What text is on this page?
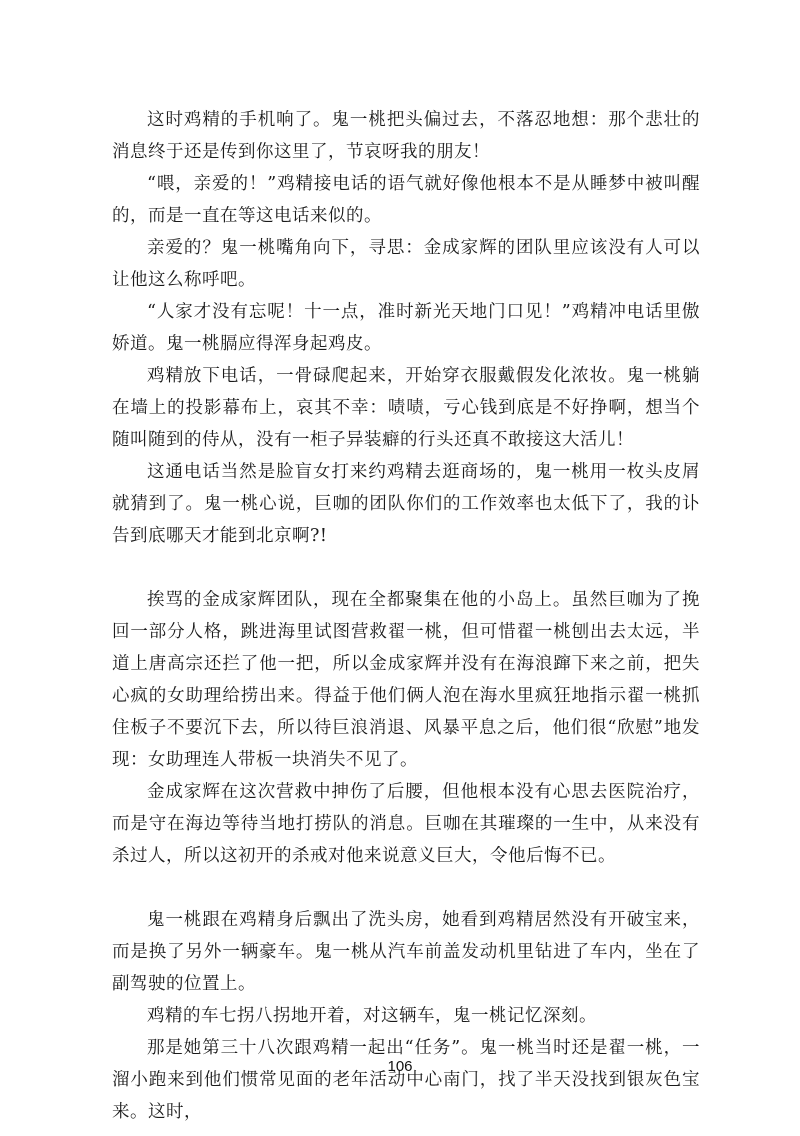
这时鸡精的手机响了。鬼一桃把头偏过去，不落忍地想：那个悲壮的消息终于还是传到你这里了，节哀呀我的朋友！

“喂，亲爱的！”鸡精接电话的语气就好像他根本不是从睡梦中被叫醒的，而是一直在等这电话来似的。

亲爱的？鬼一桃嘴角向下，寻思：金成家辉的团队里应该没有人可以让他这么称呼吧。

“人家才没有忘呢！十一点，准时新光天地门口见！”鸡精冲电话里傲娇道。鬼一桃膈应得浑身起鸡皮。

鸡精放下电话，一骨碌爬起来，开始穿衣服戴假发化浓妆。鬼一桃躺在墙上的投影幕布上，哀其不幸：啧啧，亏心钱到底是不好挣啊，想当个随叫随到的侍从，没有一柜子异装癖的行头还真不敢接这大活儿！

这通电话当然是脸盲女打来约鸡精去逛商场的，鬼一桃用一枚头皮屑就猜到了。鬼一桃心说，巨咖的团队你们的工作效率也太低下了，我的讣告到底哪天才能到北京啊?!

挨骂的金成家辉团队，现在全都聚集在他的小岛上。虽然巨咖为了挽回一部分人格，跳进海里试图营救翟一桃，但可惜翟一桃刨出去太远，半道上唐高宗还拦了他一把，所以金成家辉并没有在海浪蹿下来之前，把失心疯的女助理给捞出来。得益于他们俩人泡在海水里疯狂地指示翟一桃抓住板子不要沉下去，所以待巨浪消退、风暴平息之后，他们很“欣慰”地发现：女助理连人带板一块消失不见了。

金成家辉在这次营救中抻伤了后腰，但他根本没有心思去医院治疗，而是守在海边等待当地打捞队的消息。巨咖在其璀璨的一生中，从来没有杀过人，所以这初开的杀戒对他来说意义巨大，令他后悔不已。

鬼一桃跟在鸡精身后飘出了洗头房，她看到鸡精居然没有开破宝来，而是换了另外一辆豪车。鬼一桃从汽车前盖发动机里钻进了车内，坐在了副驾驶的位置上。

鸡精的车七拐八拐地开着，对这辆车，鬼一桃记忆深刻。

那是她第三十八次跟鸡精一起出“任务”。鬼一桃当时还是翟一桃，一溜小跑来到他们惯常见面的老年活动中心南门，找了半天没找到银灰色宝来。这时，

106
